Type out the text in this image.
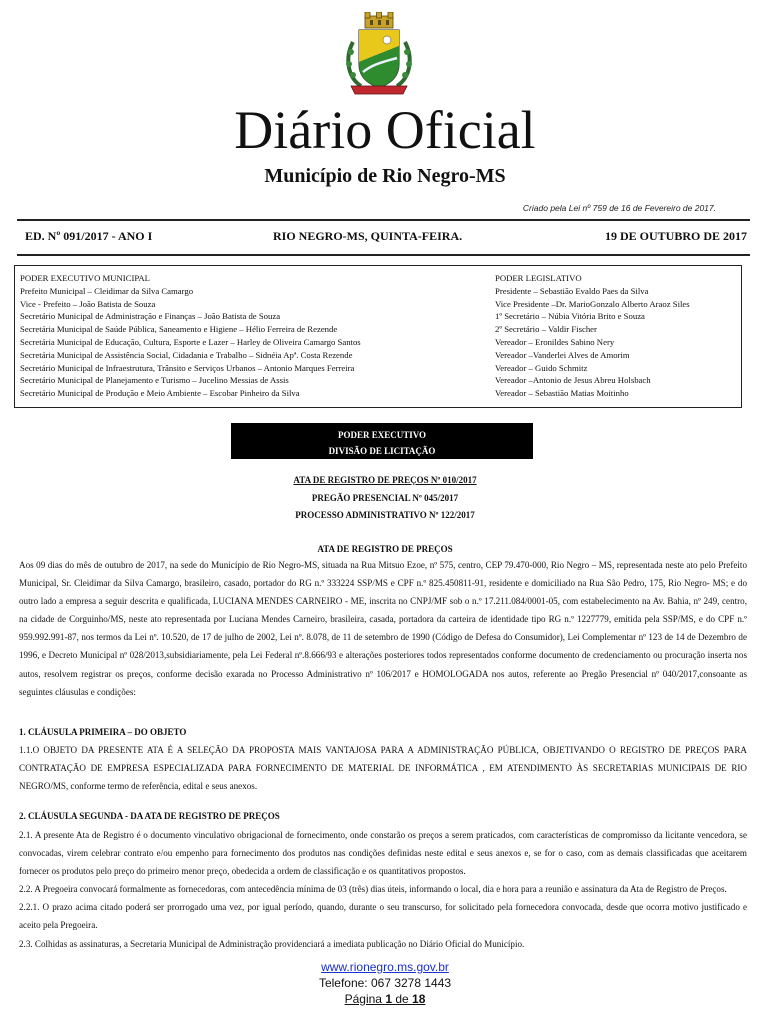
Diário Oficial
Município de Rio Negro-MS
Criado pela Lei nº 759 de 16 de Fevereiro de 2017.
ED. Nº 091/2017 - ANO I	RIO NEGRO-MS, QUINTA-FEIRA.	19 DE OUTUBRO DE 2017
PODER EXECUTIVO MUNICIPAL
Prefeito Municipal – Cleidimar da Silva Camargo
Vice - Prefeito – João Batista de Souza
Secretário Municipal de Administração e Finanças – João Batista de Souza
Secretária Municipal de Saúde Pública, Saneamento e Higiene – Hélio Ferreira de Rezende
Secretária Municipal de Educação, Cultura, Esporte e Lazer – Harley de Oliveira Camargo Santos
Secretária Municipal de Assistência Social, Cidadania e Trabalho – Sidnéia Apª. Costa Rezende
Secretário Municipal de Infraestrutura, Trânsito e Serviços Urbanos – Antonio Marques Ferreira
Secretário Municipal de Planejamento e Turismo – Jucelino Messias de Assis
Secretário Municipal de Produção e Meio Ambiente – Escobar Pinheiro da Silva
PODER LEGISLATIVO
Presidente – Sebastião Evaldo Paes da Silva
Vice Presidente –Dr. MarioGonzalo Alberto Araoz Siles
1º Secretário – Núbia Vitória Brito e Souza
2º Secretário – Valdir Fischer
Vereador – Eronildes Sabino Nery
Vereador –Vanderlei Alves de Amorim
Vereador – Guido Schmitz
Vereador –Antonio de Jesus Abreu Holsbach
Vereador – Sebastião Matias Moitinho
PODER EXECUTIVO
DIVISÃO DE LICITAÇÃO
ATA DE REGISTRO DE PREÇOS Nº 010/2017
PREGÃO PRESENCIAL Nº 045/2017
PROCESSO ADMINISTRATIVO Nº 122/2017
ATA DE REGISTRO DE PREÇOS
Aos 09 dias do mês de outubro de 2017, na sede do Município de Rio Negro-MS, situada na Rua Mitsuo Ezoe, nº 575, centro, CEP 79.470-000, Rio Negro – MS, representada neste ato pelo Prefeito Municipal, Sr. Cleidimar da Silva Camargo, brasileiro, casado, portador do RG n.º 333224 SSP/MS e CPF n.º 825.450811-91, residente e domiciliado na Rua São Pedro, 175, Rio Negro- MS; e do outro lado a empresa a seguir descrita e qualificada, LUCIANA MENDES CARNEIRO - ME, inscrita no CNPJ/MF sob o n.º 17.211.084/0001-05, com estabelecimento na Av. Bahia, nº 249, centro, na cidade de Corguinho/MS, neste ato representada por Luciana Mendes Carneiro, brasileira, casada, portadora da carteira de identidade tipo RG n.º 1227779, emitida pela SSP/MS, e do CPF n.º 959.992.991-87, nos termos da Lei nº. 10.520, de 17 de julho de 2002, Lei nº. 8.078, de 11 de setembro de 1990 (Código de Defesa do Consumidor), Lei Complementar nº 123 de 14 de Dezembro de 1996, e Decreto Municipal nº 028/2013,subsidiariamente, pela Lei Federal nº.8.666/93 e alterações posteriores todos representados conforme documento de credenciamento ou procuração inserta nos autos, resolvem registrar os preços, conforme decisão exarada no Processo Administrativo nº 106/2017 e HOMOLOGADA nos autos, referente ao Pregão Presencial nº 040/2017,consoante as seguintes cláusulas e condições:
1. CLÁUSULA PRIMEIRA – DO OBJETO
1.1.O OBJETO DA PRESENTE ATA É A SELEÇÃO DA PROPOSTA MAIS VANTAJOSA PARA A ADMINISTRAÇÃO PÚBLICA, OBJETIVANDO O REGISTRO DE PREÇOS PARA CONTRATAÇÃO DE EMPRESA ESPECIALIZADA PARA FORNECIMENTO DE MATERIAL DE INFORMÁTICA , EM ATENDIMENTO ÀS SECRETARIAS MUNICIPAIS DE RIO NEGRO/MS, conforme termo de referência, edital e seus anexos.
2. CLÁUSULA SEGUNDA - DA ATA DE REGISTRO DE PREÇOS

2.1. A presente Ata de Registro é o documento vinculativo obrigacional de fornecimento, onde constarão os preços a serem praticados, com características de compromisso da licitante vencedora, se convocadas, virem celebrar contrato e/ou empenho para fornecimento dos produtos nas condições definidas neste edital e seus anexos e, se for o caso, com as demais classificadas que aceitarem fornecer os produtos pelo preço do primeiro menor preço, obedecida a ordem de classificação e os quantitativos propostos.

2.2. A Pregoeira convocará formalmente as fornecedoras, com antecedência mínima de 03 (três) dias úteis, informando o local, dia e hora para a reunião e assinatura da Ata de Registro de Preços.

2.2.1. O prazo acima citado poderá ser prorrogado uma vez, por igual período, quando, durante o seu transcurso, for solicitado pela fornecedora convocada, desde que ocorra motivo justificado e aceito pela Pregoeira.

2.3. Colhidas as assinaturas, a Secretaria Municipal de Administração providenciará a imediata publicação no Diário Oficial do Município.

www.rionegro.ms.gov.br
Telefone: 067 3278 1443
Página 1 de 18
